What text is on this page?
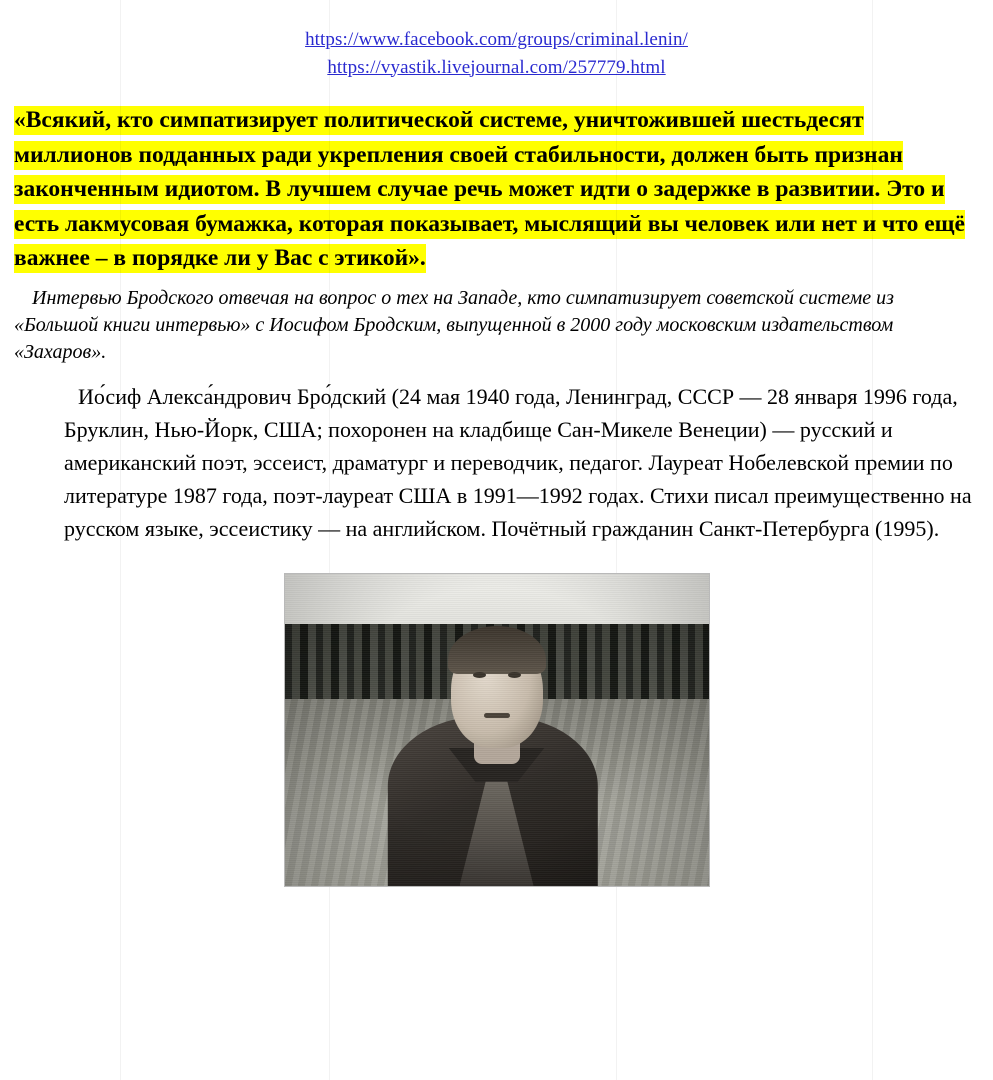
https://www.facebook.com/groups/criminal.lenin/
https://vyastik.livejournal.com/257779.html
«Всякий, кто симпатизирует политической системе, уничтожившей шестьдесят миллионов подданных ради укрепления своей стабильности, должен быть признан законченным идиотом. В лучшем случае речь может идти о задержке в развитии. Это и есть лакмусовая бумажка, которая показывает, мыслящий вы человек или нет и что ещё важнее – в порядке ли у Вас с этикой».
Интервью Бродского отвечая на вопрос о тех на Западе, кто симпатизирует советской системе из «Большой книги интервью» с Иосифом Бродским, выпущенной в 2000 году московским издательством «Захаров».
Ио́сиф Алекса́ндрович Бро́дский (24 мая 1940 года, Ленинград, СССР — 28 января 1996 года, Бруклин, Нью-Йорк, США; похоронен на кладбище Сан-Микеле Венеции) — русский и американский поэт, эссеист, драматург и переводчик, педагог. Лауреат Нобелевской премии по литературе 1987 года, поэт-лауреат США в 1991—1992 годах. Стихи писал преимущественно на русском языке, эссеистику — на английском. Почётный гражданин Санкт-Петербурга (1995).
